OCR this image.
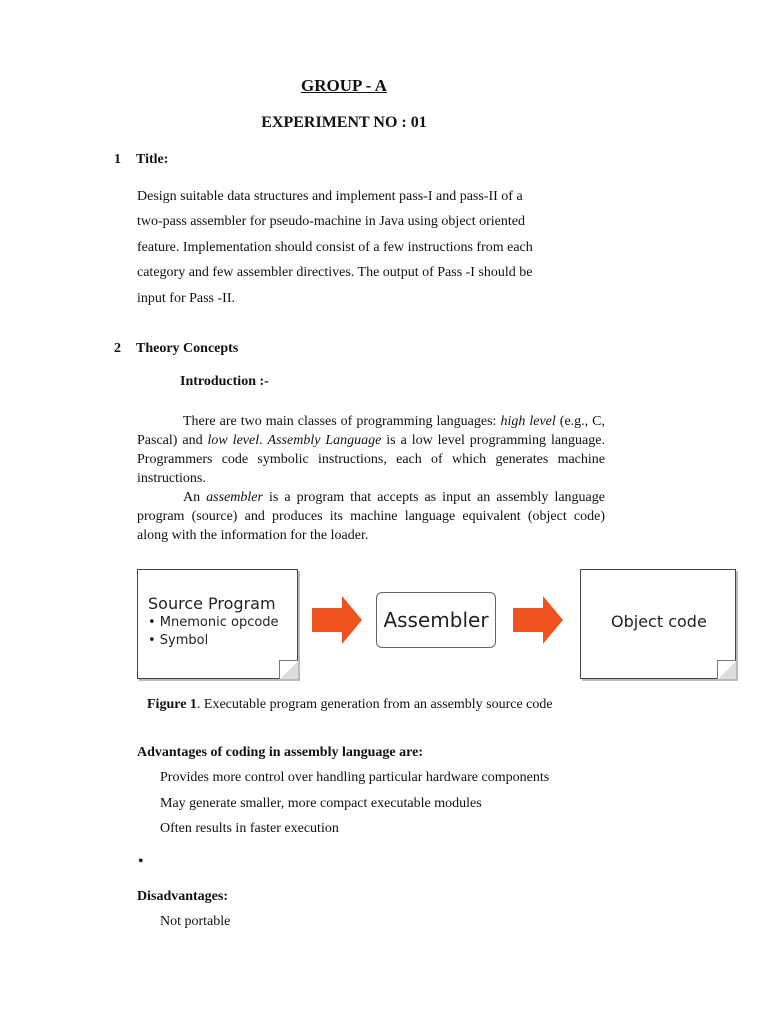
GROUP - A
EXPERIMENT NO : 01
1 Title:
Design suitable data structures and implement pass-I and pass-II of a
two-pass assembler for pseudo-machine in Java using object oriented
feature. Implementation should consist of a few instructions from each
category and few assembler directives. The output of Pass -I should be
input for Pass -II.
2 Theory Concepts
Introduction :-
There are two main classes of programming languages: high level (e.g., C, Pascal) and low level. Assembly Language is a low level programming language. Programmers code symbolic instructions, each of which generates machine instructions.
An assembler is a program that accepts as input an assembly language program (source) and produces its machine language equivalent (object code) along with the information for the loader.
Source Program
• Mnemonic opcode
• Symbol
Assembler	Object code
Figure 1. Executable program generation from an assembly source code
Advantages of coding in assembly language are:
Provides more control over handling particular hardware components
May generate smaller, more compact executable modules
Often results in faster execution
•
Disadvantages:
Not portable
